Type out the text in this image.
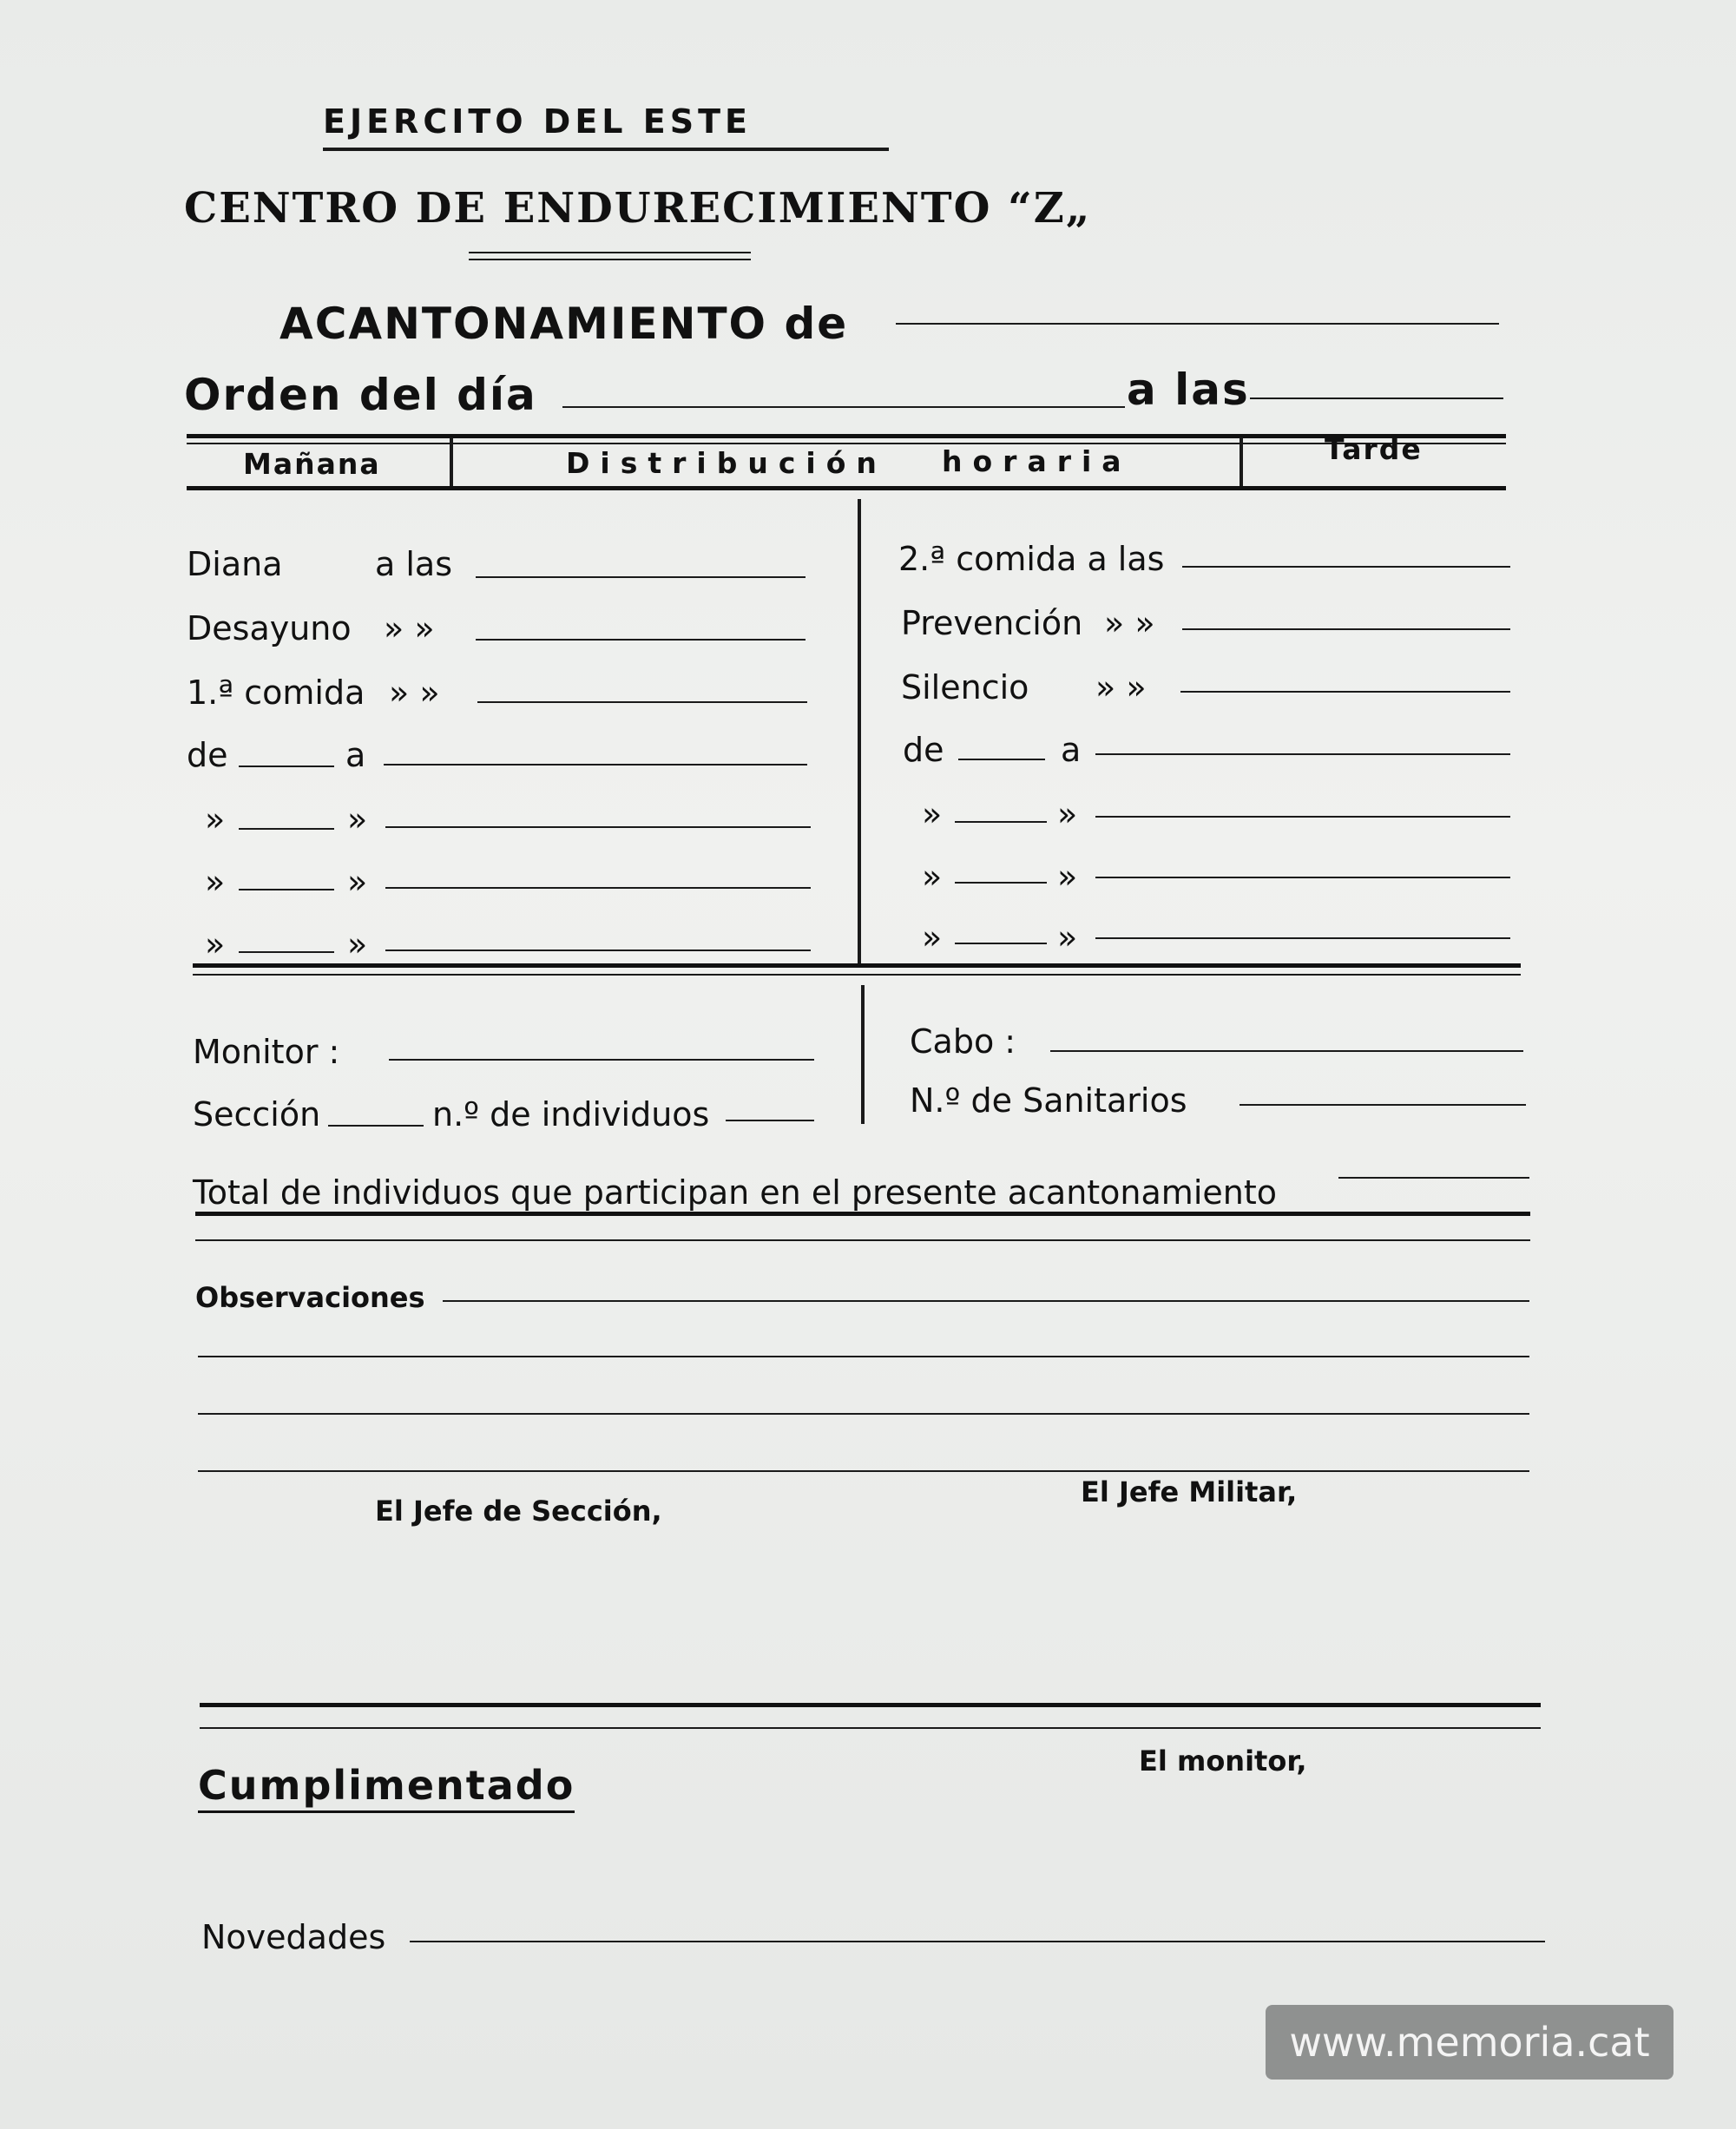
EJERCITO DEL ESTE
CENTRO DE ENDURECIMIENTO “Z„
ACANTONAMIENTO de
Orden del día	a las
Mañana	Distribución horaria	Tarde
Diana	a las
Desayuno » »
1.ª comida » »
de	a
»	»
»	»
»	»
2.ª comida a las
Prevención » »
Silencio » »
de	a
»	»
»	»
»	»
Monitor :	Cabo :
Sección	n.º de individuos	N.º de Sanitarios
Total de individuos que participan en el presente acantonamiento
Observaciones
El Jefe de Sección,
El Jefe Militar,
Cumplimentado
El monitor,
Novedades
www.memoria.cat
